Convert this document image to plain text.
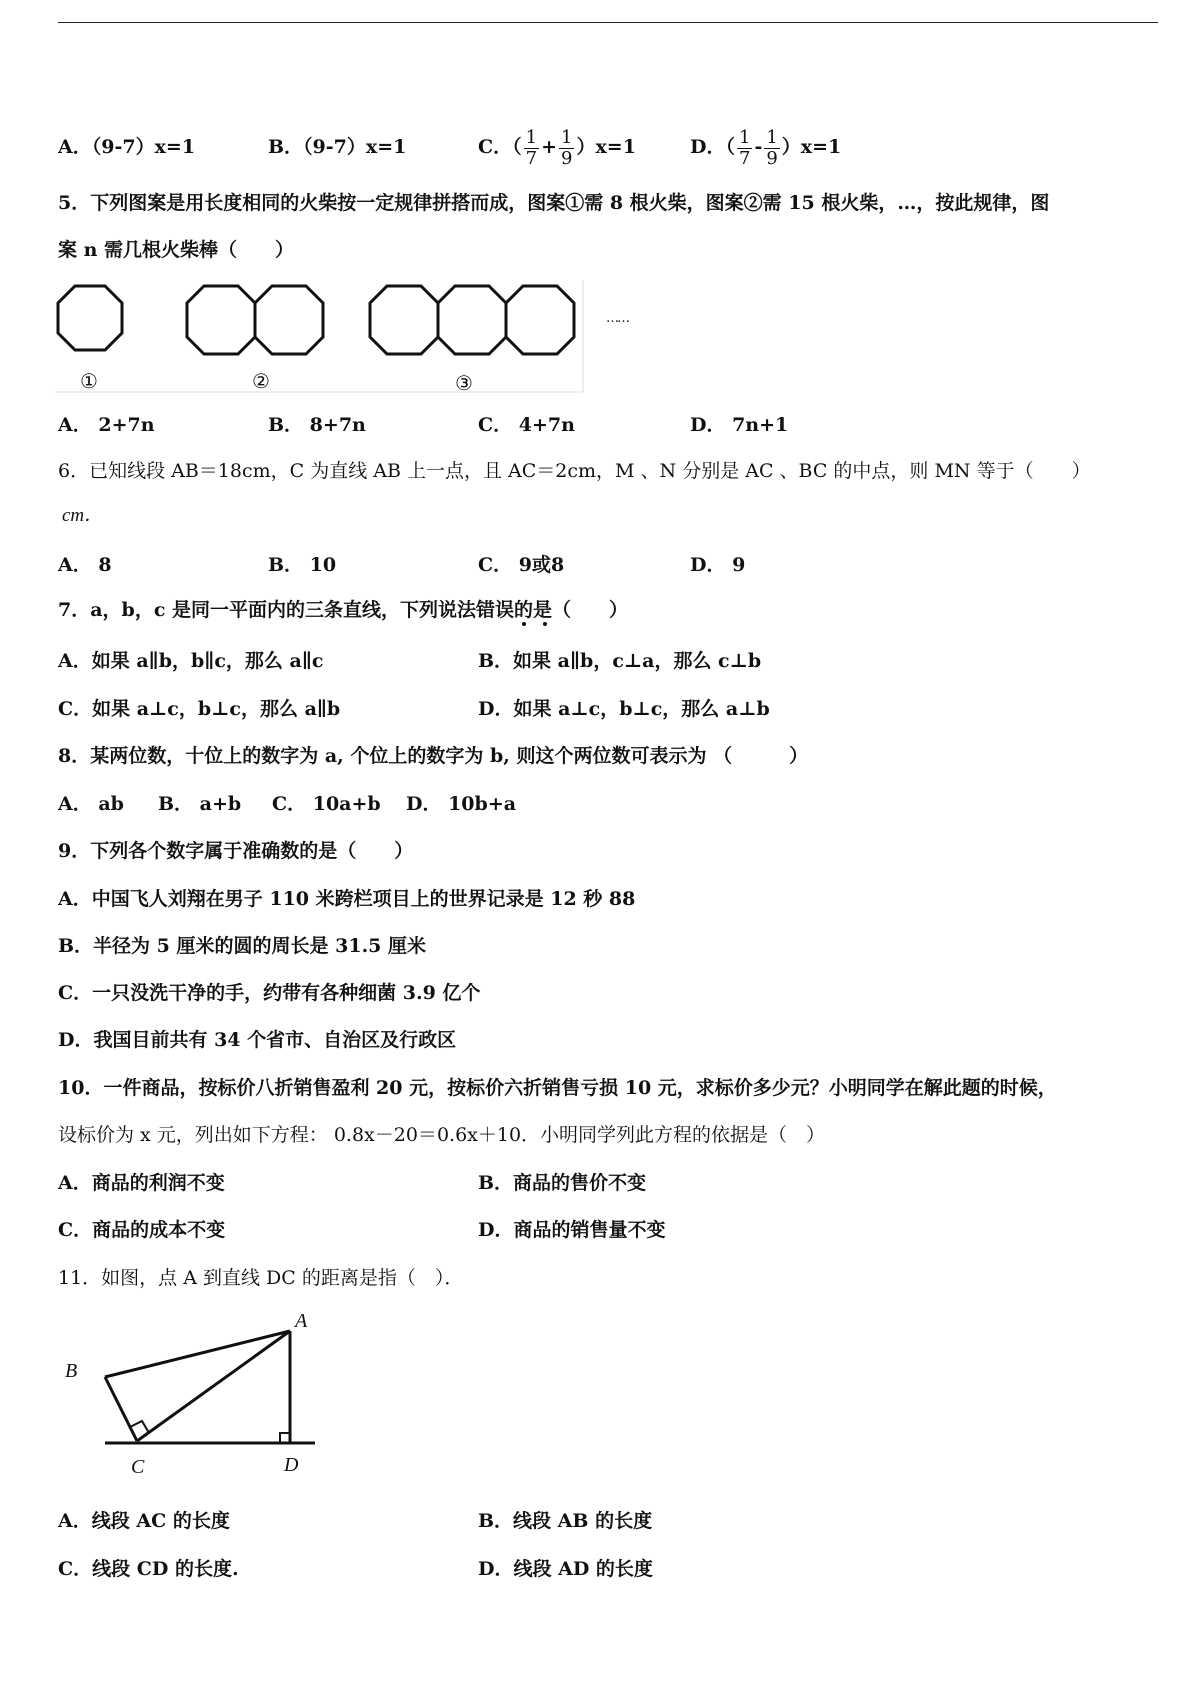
A．（9-7）x=1	B．（9-7）x=1	C．（ $\frac{1}{7} + \frac{1}{9} )x=1$	D．（ $\frac{1}{7} - \frac{1}{9} )x=1$
5．下列图案是用长度相同的火柴按一定规律拼搭而成，图案①需 8 根火柴，图案②需 15 根火柴，…，按此规律，图
案 n 需几根火柴棒（　　）
①	②	③
……
A． 2+7n	B． 8+7n	C． 4+7n	D． 7n+1
6．已知线段 AB＝18cm，C 为直线 AB 上一点，且 AC＝2cm，M 、N 分别是 AC 、BC 的中点，则 MN 等于（　　）
cm．
A． 8	B． 10	C． 9或8	D． 9
7．a，b，c 是同一平面内的三条直线，下列说法错误的是（　　）
A．如果 a∥b，b∥c，那么 a∥c	B．如果 a∥b，c⊥a，那么 c⊥b
C．如果 a⊥c，b⊥c，那么 a∥b	D．如果 a⊥c，b⊥c，那么 a⊥b
8．某两位数，十位上的数字为 a, 个位上的数字为 b, 则这个两位数可表示为 （　　　）
A． ab B． a+b C． 10a+b D． 10b+a
9．下列各个数字属于准确数的是（　　）
A．中国飞人刘翔在男子 110 米跨栏项目上的世界记录是 12 秒 88
B．半径为 5 厘米的圆的周长是 31.5 厘米
C．一只没洗干净的手，约带有各种细菌 3.9 亿个
D．我国目前共有 34 个省市、自治区及行政区
10．一件商品，按标价八折销售盈利 20 元，按标价六折销售亏损 10 元，求标价多少元？小明同学在解此题的时候，
设标价为 x 元，列出如下方程： 0.8x－20＝0.6x＋10．小明同学列此方程的依据是（　）
A．商品的利润不变	B．商品的售价不变
C．商品的成本不变	D．商品的销售量不变
11．如图，点 A 到直线 DC 的距离是指（　）．
A
B
C	D
A．线段 AC 的长度	B．线段 AB 的长度
C．线段 CD 的长度.	D．线段 AD 的长度
